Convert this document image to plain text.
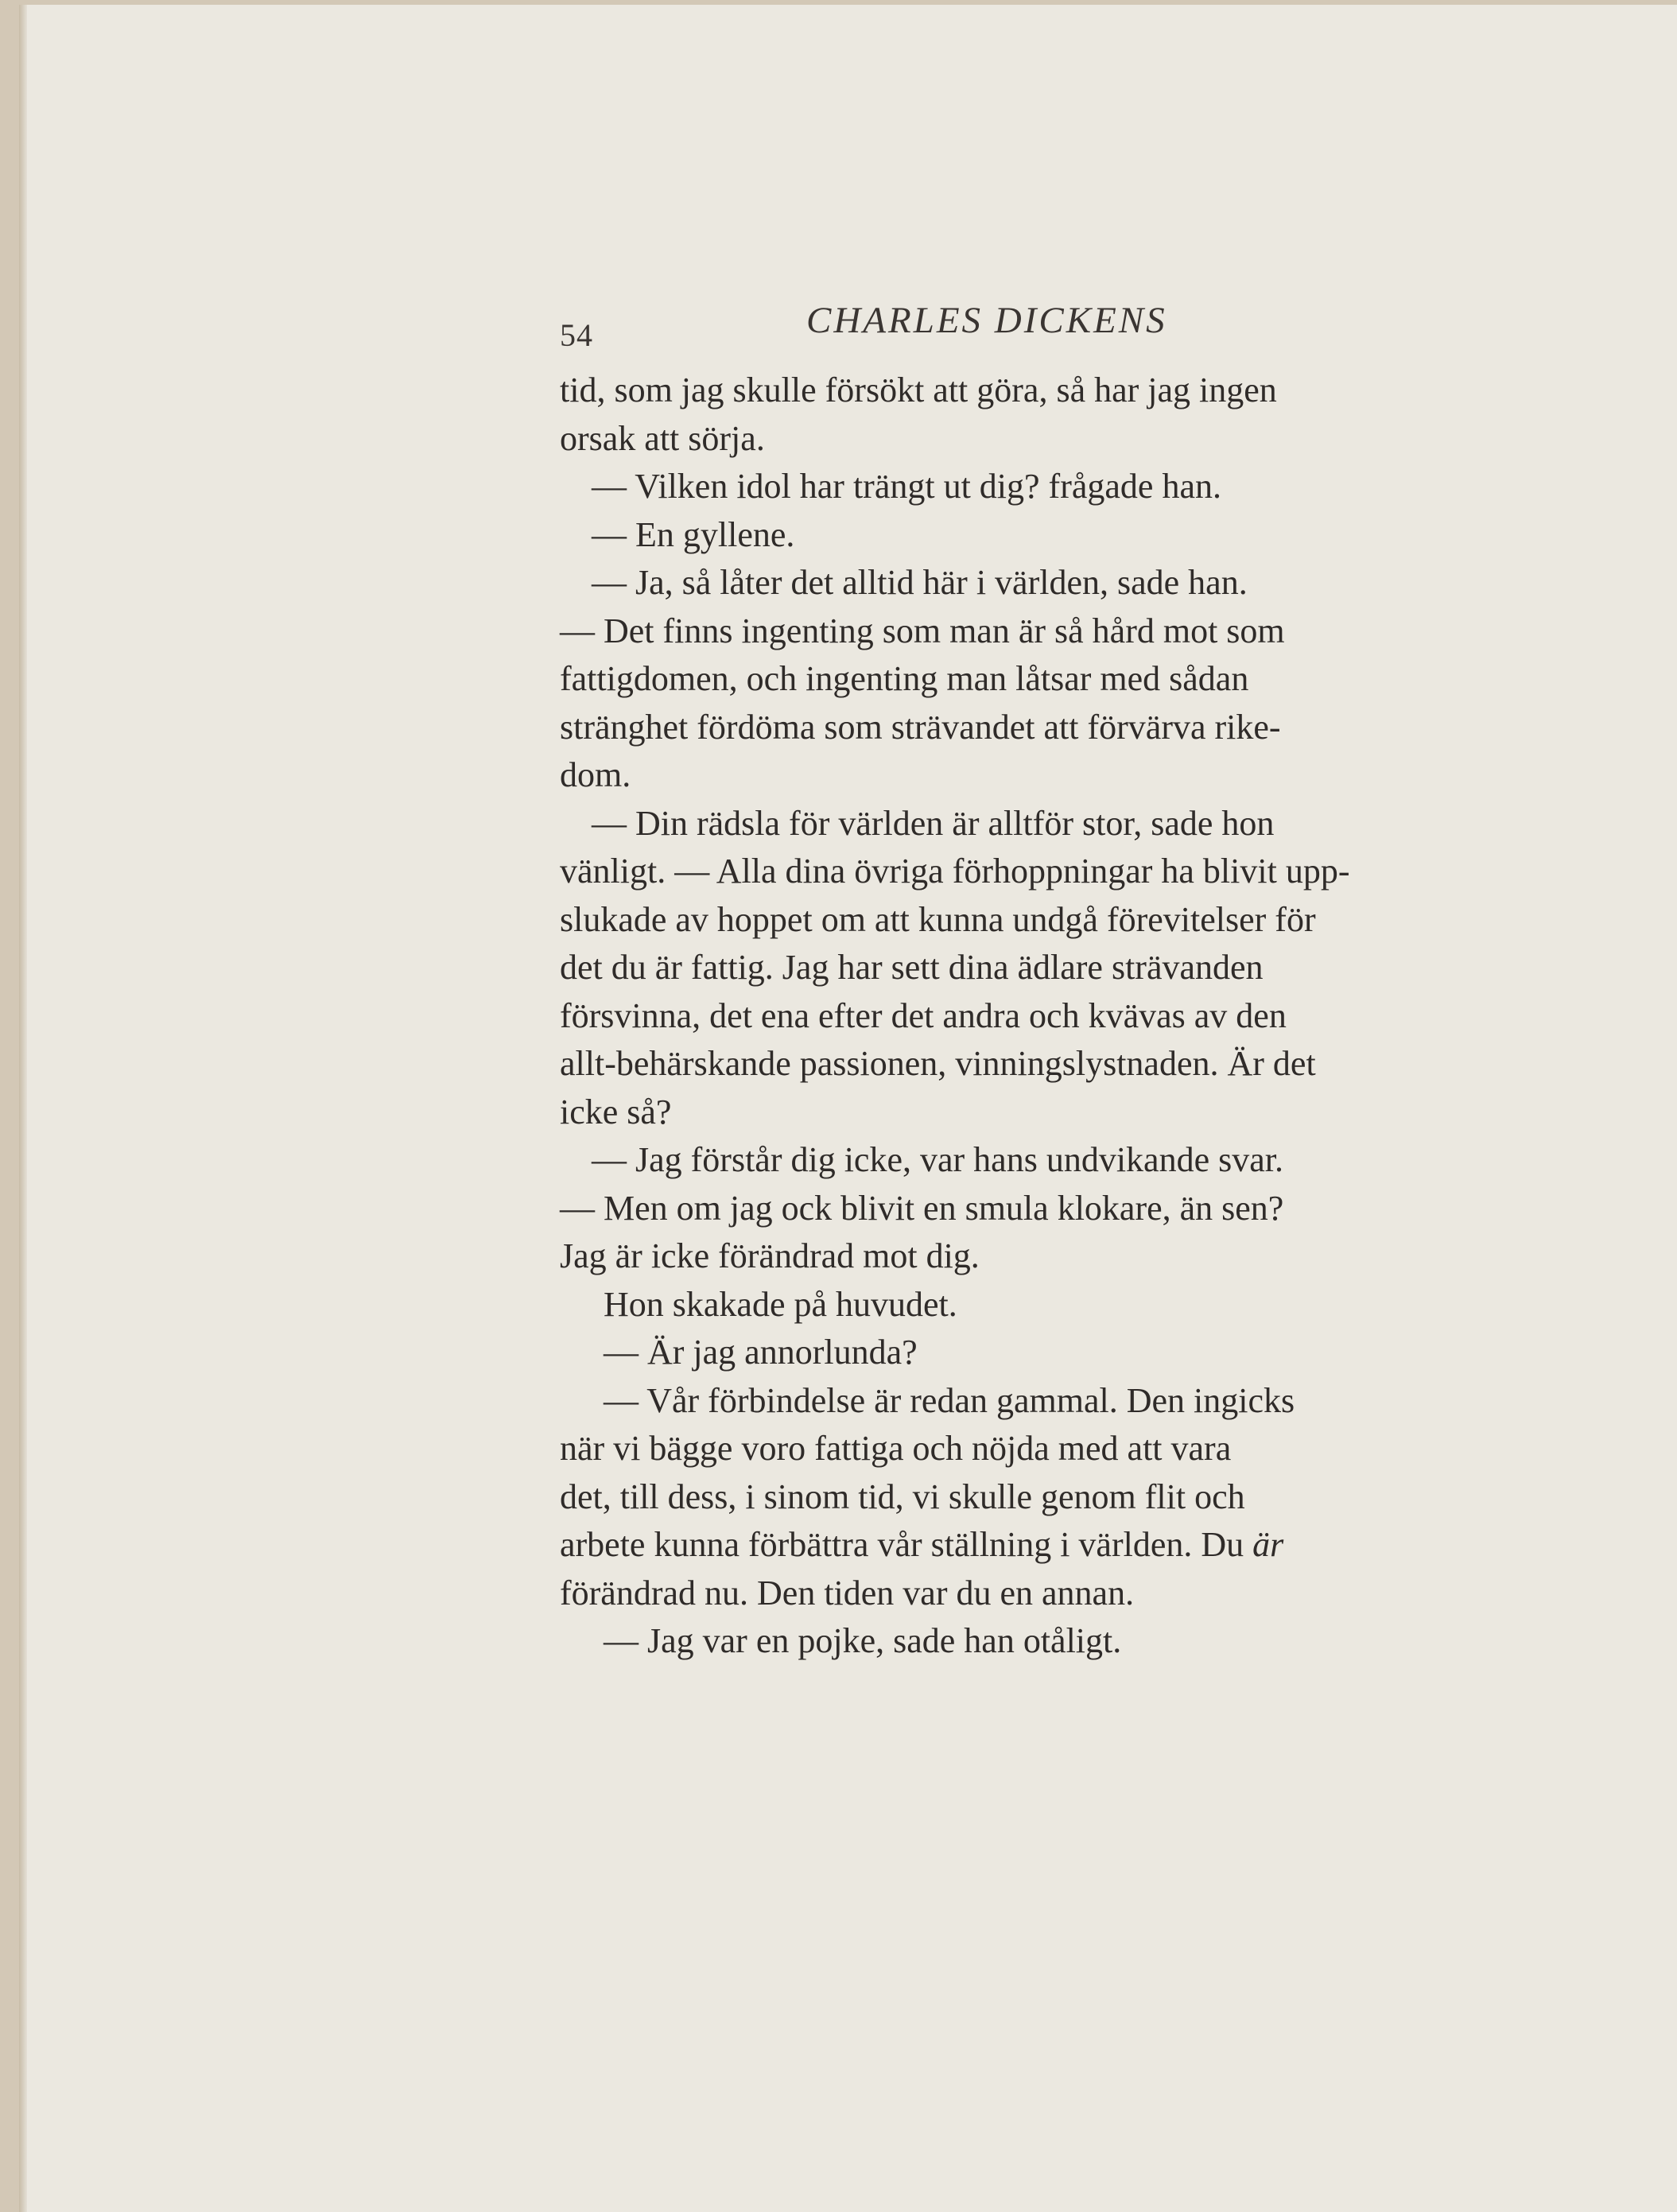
54	CHARLES DICKENS
tid, som jag skulle försökt att göra, så har jag ingen
orsak att sörja.
— Vilken idol har trängt ut dig? frågade han.
— En gyllene.
— Ja, så låter det alltid här i världen, sade han.
— Det finns ingenting som man är så hård mot som
fattigdomen, och ingenting man låtsar med sådan
stränghet fördöma som strävandet att förvärva rike-
dom.
— Din rädsla för världen är alltför stor, sade hon
vänligt. — Alla dina övriga förhoppningar ha blivit upp-
slukade av hoppet om att kunna undgå förevitelser för
det du är fattig. Jag har sett dina ädlare strävanden
försvinna, det ena efter det andra och kvävas av den
allt-behärskande passionen, vinningslystnaden. Är det
icke så?
— Jag förstår dig icke, var hans undvikande svar.
— Men om jag ock blivit en smula klokare, än sen?
Jag är icke förändrad mot dig.
Hon skakade på huvudet.
— Är jag annorlunda?
— Vår förbindelse är redan gammal. Den ingicks
när vi bägge voro fattiga och nöjda med att vara
det, till dess, i sinom tid, vi skulle genom flit och
arbete kunna förbättra vår ställning i världen. Du
är
förändrad nu. Den tiden var du en annan.
— Jag var en pojke, sade han otåligt.
